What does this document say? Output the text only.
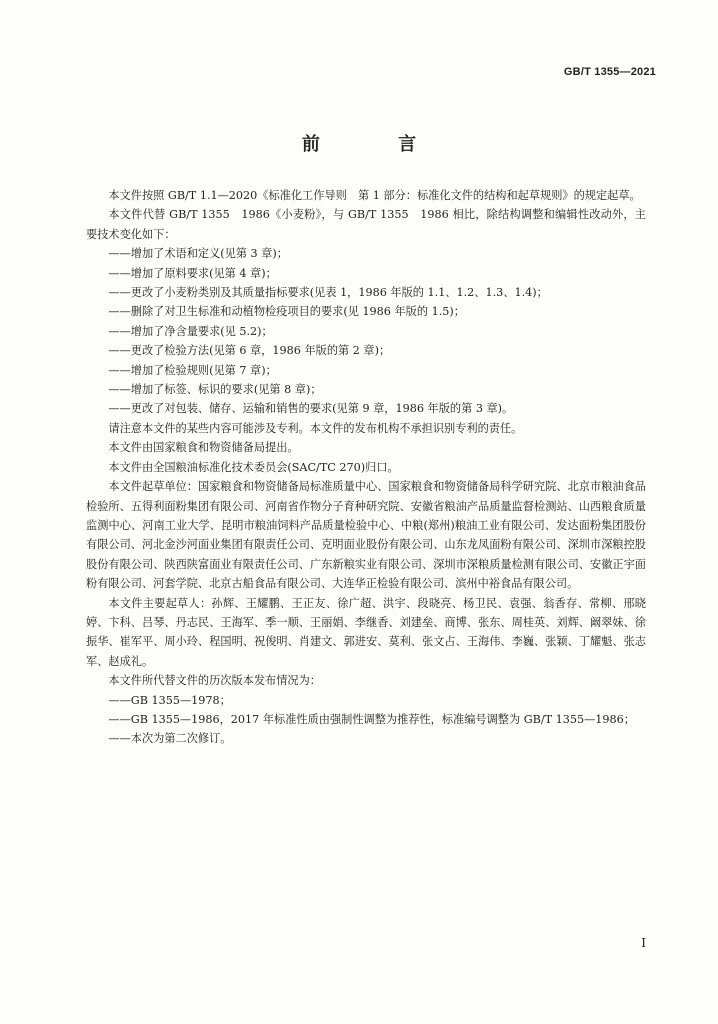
GB/T 1355—2021
前 言

本文件按照 GB/T 1.1—2020《标准化工作导则　第 1 部分：标准化文件的结构和起草规则》的规定起草。

本文件代替 GB/T 1355　1986《小麦粉》，与 GB/T 1355　1986 相比，除结构调整和编辑性改动外，主要技术变化如下：

——增加了术语和定义(见第 3 章)；

——增加了原料要求(见第 4 章)；

——更改了小麦粉类别及其质量指标要求(见表 1，1986 年版的 1.1、1.2、1.3、1.4)；

——删除了对卫生标准和动植物检疫项目的要求(见 1986 年版的 1.5)；

——增加了净含量要求(见 5.2)；

——更改了检验方法(见第 6 章，1986 年版的第 2 章)；

——增加了检验规则(见第 7 章)；

——增加了标签、标识的要求(见第 8 章)；

——更改了对包装、储存、运输和销售的要求(见第 9 章，1986 年版的第 3 章)。

请注意本文件的某些内容可能涉及专利。本文件的发布机构不承担识别专利的责任。

本文件由国家粮食和物资储备局提出。

本文件由全国粮油标准化技术委员会(SAC/TC 270)归口。

本文件起草单位：国家粮食和物资储备局标准质量中心、国家粮食和物资储备局科学研究院、北京市粮油食品检验所、五得利面粉集团有限公司、河南省作物分子育种研究院、安徽省粮油产品质量监督检测站、山西粮食质量监测中心、河南工业大学、昆明市粮油饲料产品质量检验中心、中粮(郑州)粮油工业有限公司、发达面粉集团股份有限公司、河北金沙河面业集团有限责任公司、克明面业股份有限公司、山东龙凤面粉有限公司、深圳市深粮控股股份有限公司、陕西陕富面业有限责任公司、广东新粮实业有限公司、深圳市深粮质量检测有限公司、安徽正宇面粉有限公司、河套学院、北京古船食品有限公司、大连华正检验有限公司、滨州中裕食品有限公司。

本文件主要起草人：孙辉、王耀鹏、王正友、徐广超、洪宇、段晓亮、杨卫民、袁强、翁香存、常柳、邢晓婷、卞科、吕琴、丹志民、王海军、季一顺、王丽娟、李继香、刘建垒、商博、张东、周桂英、刘辉、阚翠妹、徐振华、崔军平、周小玲、程国明、祝俊明、肖建文、郭进安、莫利、张文占、王海伟、李巍、张颖、丁耀魁、张志军、赵成礼。

本文件所代替文件的历次版本发布情况为：

——GB 1355—1978；

——GB 1355—1986，2017 年标准性质由强制性调整为推荐性，标准编号调整为 GB/T 1355—1986；

——本次为第二次修订。

I
